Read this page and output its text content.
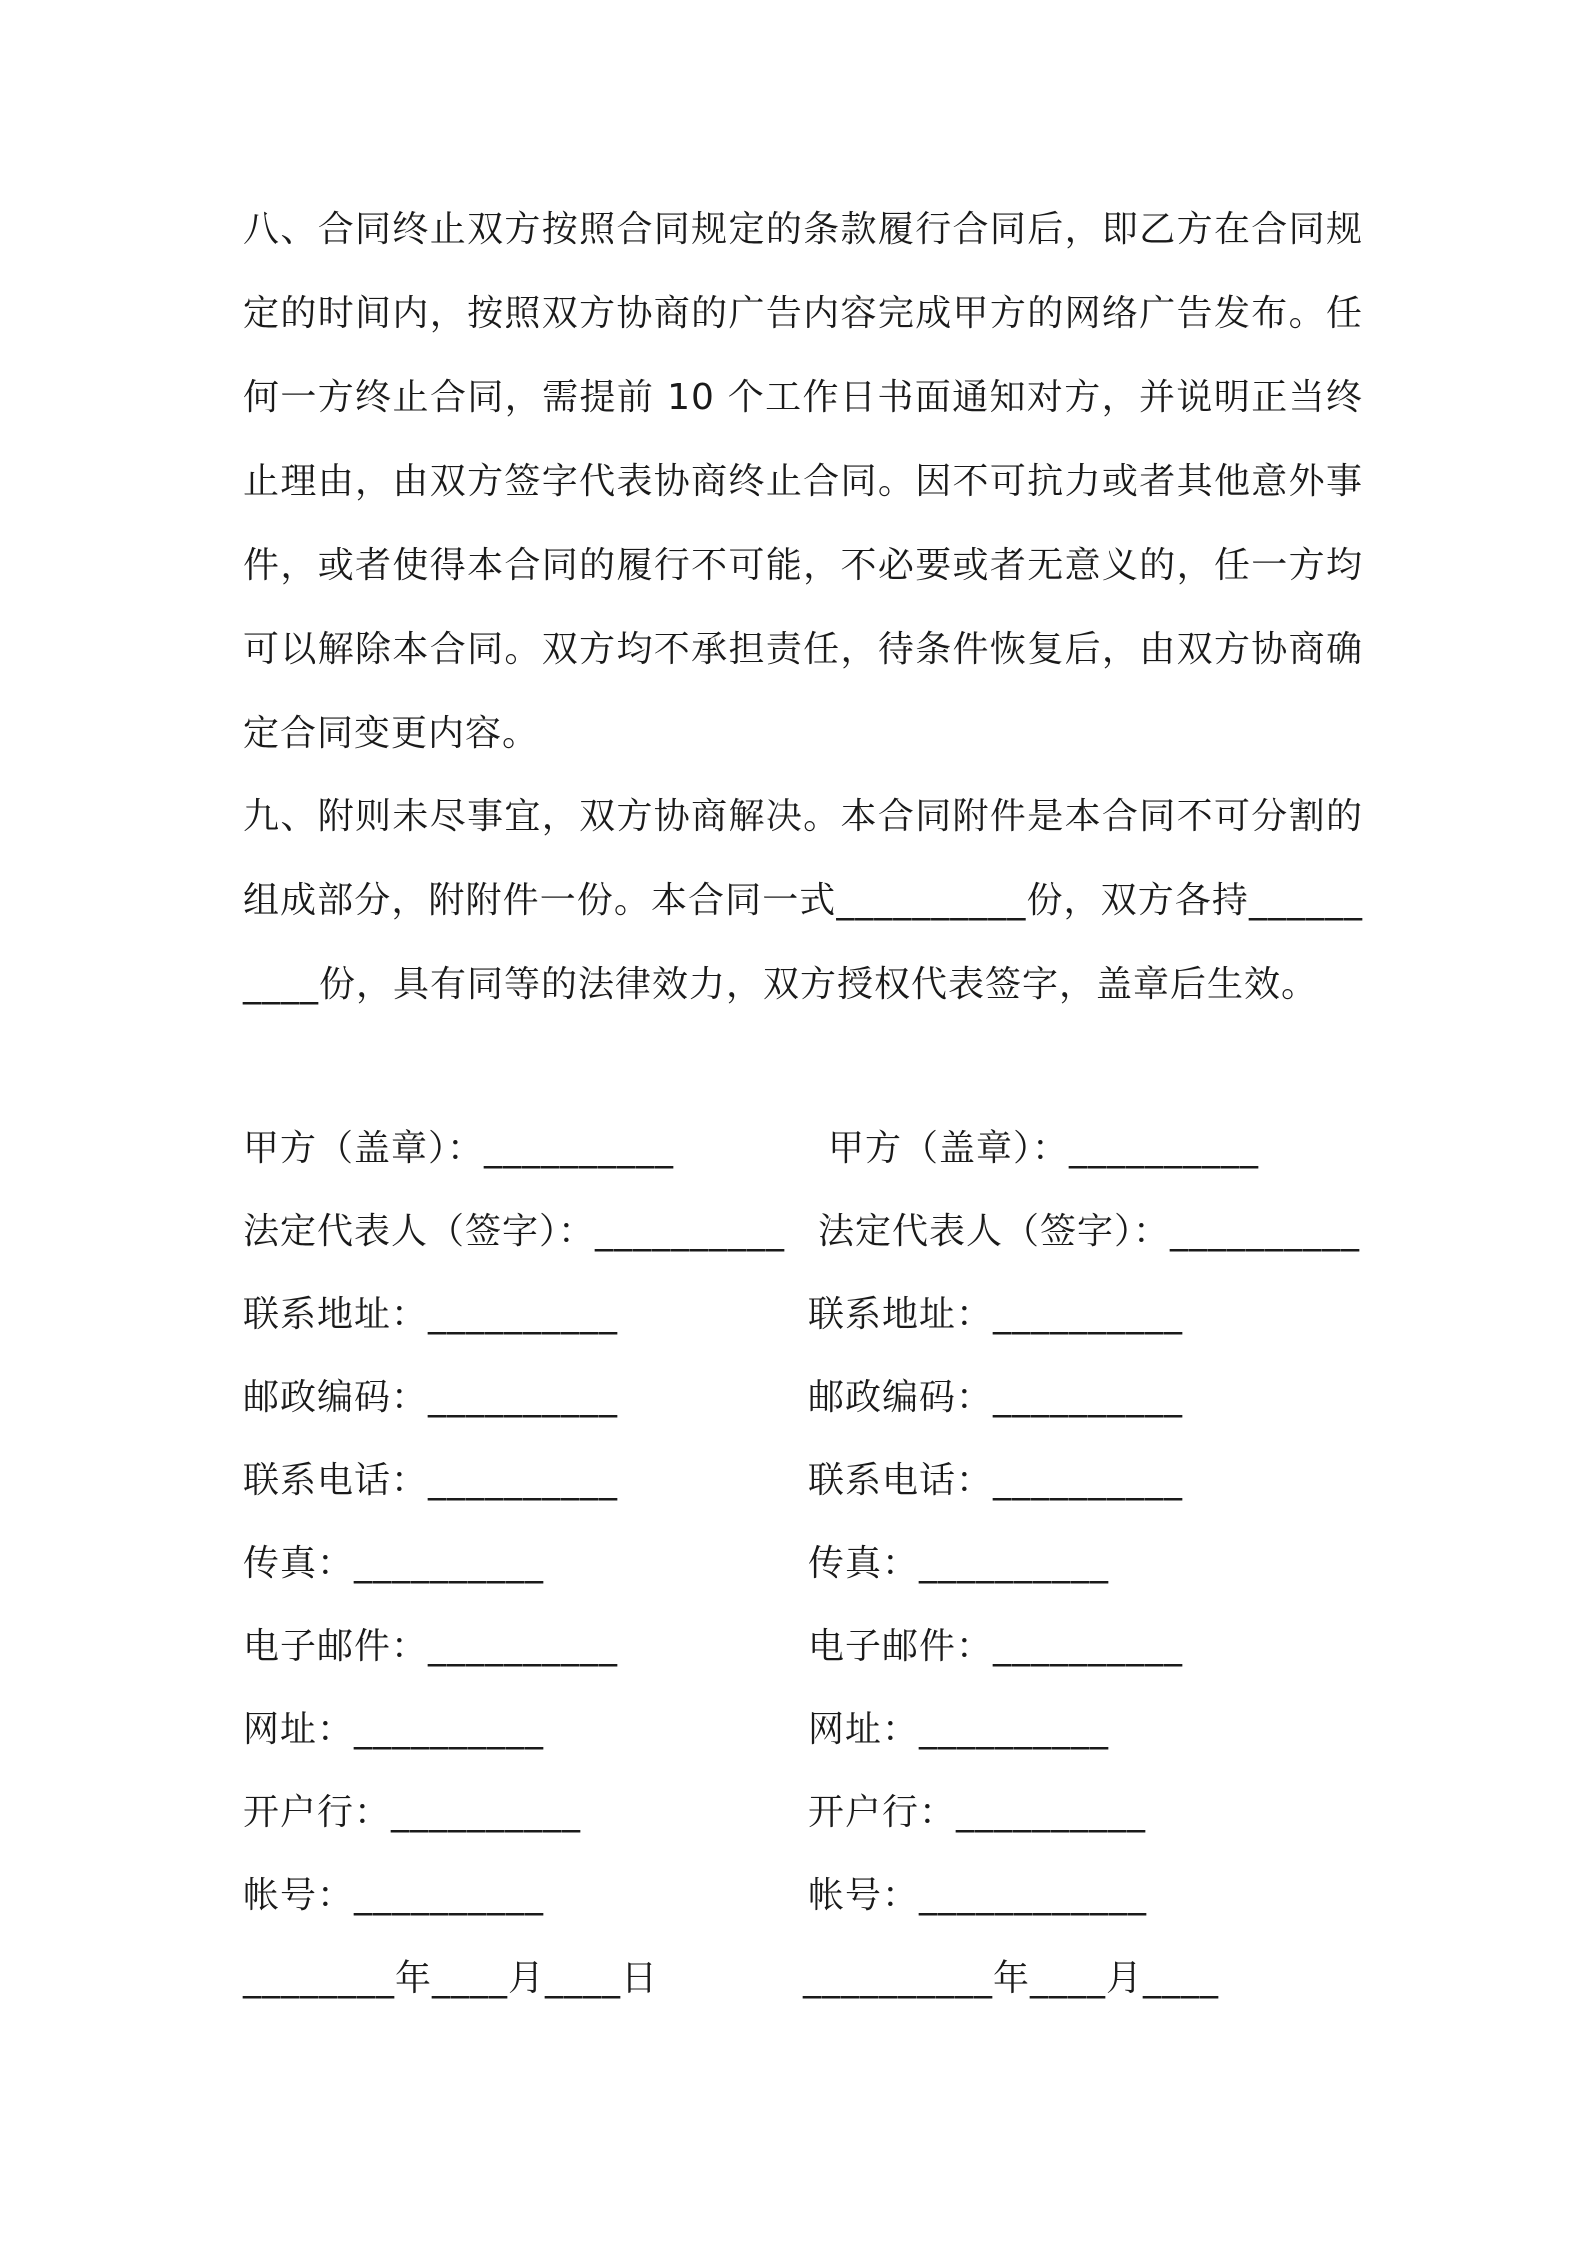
八、合同终止双方按照合同规定的条款履行合同后，即乙方在合同规定的时间内，按照双方协商的广告内容完成甲方的网络广告发布。任何一方终止合同，需提前 10 个工作日书面通知对方，并说明正当终止理由，由双方签字代表协商终止合同。因不可抗力或者其他意外事件，或者使得本合同的履行不可能，不必要或者无意义的，任一方均可以解除本合同。双方均不承担责任，待条件恢复后，由双方协商确定合同变更内容。
九、附则未尽事宜，双方协商解决。本合同附件是本合同不可分割的组成部分，附附件一份。本合同一式__________份，双方各持__________份，具有同等的法律效力，双方授权代表签字，盖章后生效。
甲方（盖章）：__________
法定代表人（签字）：__________
联系地址：__________
邮政编码：__________
联系电话：__________
传真：__________
电子邮件：__________
网址：__________
开户行：__________
帐号：__________
________年____月____日
甲方（盖章）：__________
法定代表人（签字）：__________
联系地址：__________
邮政编码：__________
联系电话：__________
传真：__________
电子邮件：__________
网址：__________
开户行：__________
帐号：____________
__________年____月____
